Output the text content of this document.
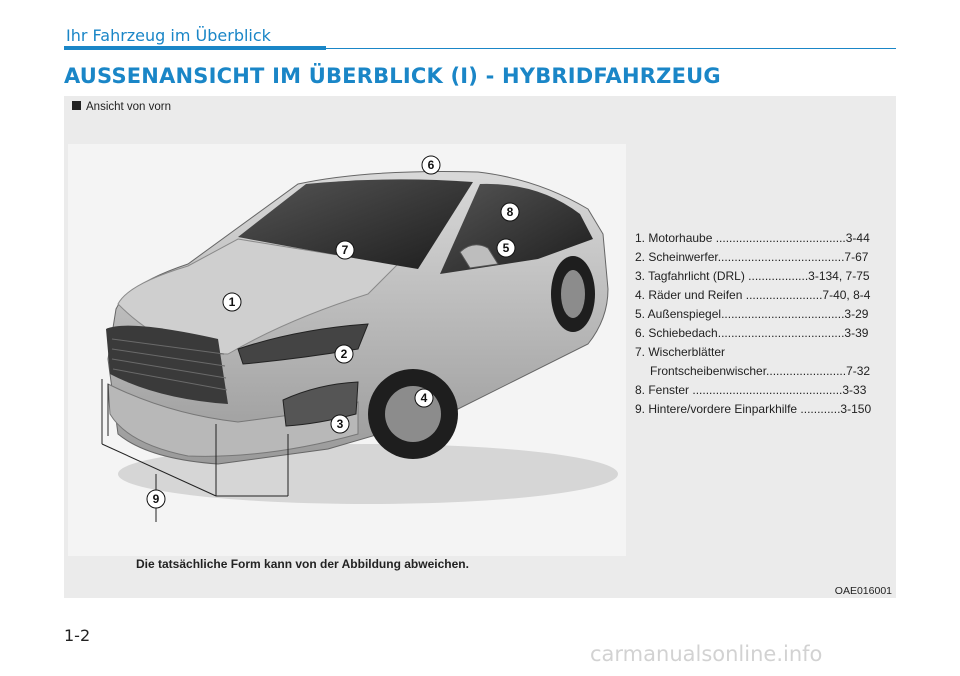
Ihr Fahrzeug im Überblick
AUSSENANSICHT IM ÜBERBLICK (I) - HYBRIDFAHRZEUG
Ansicht von vorn
1
2
3
4
5
6
7
8
9
1. Motorhaube .......................................3-44
2. Scheinwerfer......................................7-67
3. Tagfahrlicht (DRL) ..................3-134, 7-75
4. Räder und Reifen .......................7-40, 8-4
5. Außenspiegel.....................................3-29
6. Schiebedach......................................3-39
7. Wischerblätter
Frontscheibenwischer........................7-32
8. Fenster .............................................3-33
9. Hintere/vordere Einparkhilfe ............3-150
Die tatsächliche Form kann von der Abbildung abweichen.
OAE016001
1-2
carmanualsonline.info
